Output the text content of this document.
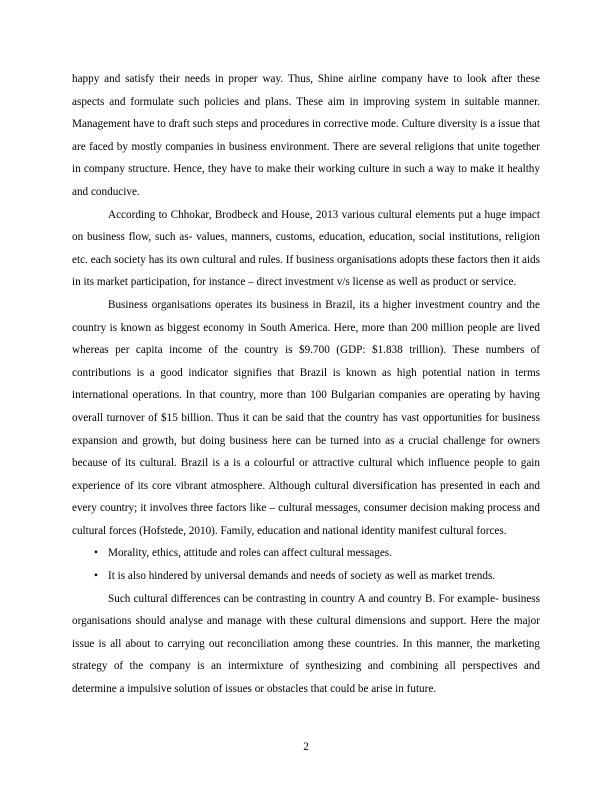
happy and satisfy their needs in proper way. Thus, Shine airline company have to look after these aspects and formulate such policies and plans. These aim in improving system in suitable manner. Management have to draft such steps and procedures in corrective mode. Culture diversity is a issue that are faced by mostly companies in business environment. There are several religions that unite together in company structure. Hence, they have to make their working culture in such a way to make it healthy and conducive.

According to Chhokar, Brodbeck and House, 2013 various cultural elements put a huge impact on business flow, such as- values, manners, customs, education, education, social institutions, religion etc. each society has its own cultural and rules. If business organisations adopts these factors then it aids in its market participation, for instance – direct investment v/s license as well as product or service.

Business organisations operates its business in Brazil, its a higher investment country and the country is known as biggest economy in South America. Here, more than 200 million people are lived whereas per capita income of the country is $9.700 (GDP: $1.838 trillion). These numbers of contributions is a good indicator signifies that Brazil is known as high potential nation in terms international operations. In that country, more than 100 Bulgarian companies are operating by having overall turnover of $15 billion. Thus it can be said that the country has vast opportunities for business expansion and growth, but doing business here can be turned into as a crucial challenge for owners because of its cultural. Brazil is a is a colourful or attractive cultural which influence people to gain experience of its core vibrant atmosphere. Although cultural diversification has presented in each and every country; it involves three factors like – cultural messages, consumer decision making process and cultural forces (Hofstede, 2010). Family, education and national identity manifest cultural forces.

• Morality, ethics, attitude and roles can affect cultural messages.
• It is also hindered by universal demands and needs of society as well as market trends.

Such cultural differences can be contrasting in country A and country B. For example- business organisations should analyse and manage with these cultural dimensions and support. Here the major issue is all about to carrying out reconciliation among these countries. In this manner, the marketing strategy of the company is an intermixture of synthesizing and combining all perspectives and determine a impulsive solution of issues or obstacles that could be arise in future.

2
